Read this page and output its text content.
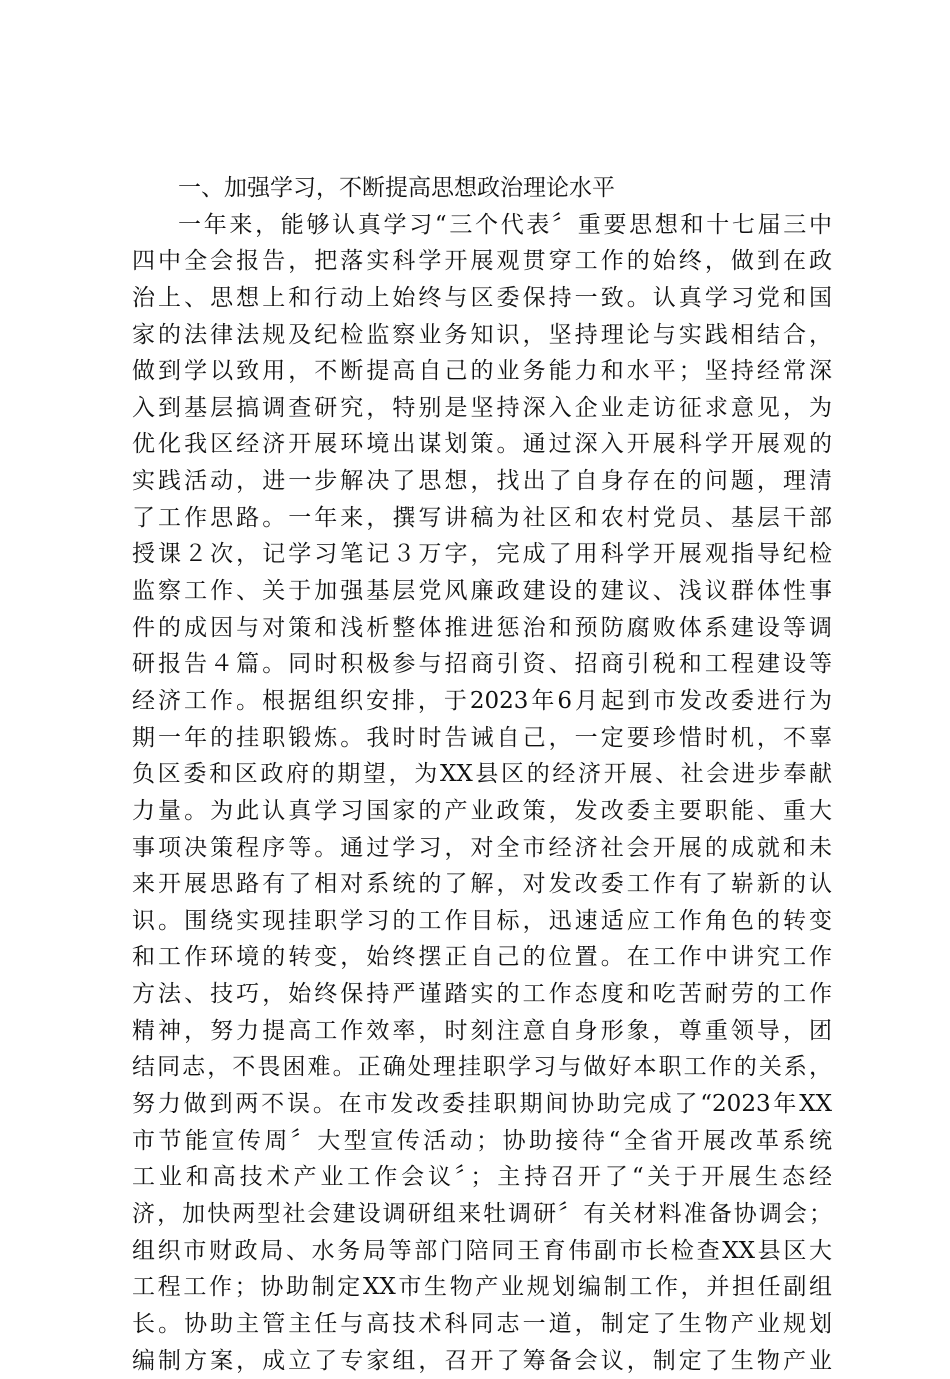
一、加强学习，不断提高思想政治理论水平
一年来，能够认真学习“三个代表〞重要思想和十七届三中
四中全会报告，把落实科学开展观贯穿工作的始终，做到在政
治上、思想上和行动上始终与区委保持一致。认真学习党和国
家的法律法规及纪检监察业务知识，坚持理论与实践相结合，
做到学以致用，不断提高自己的业务能力和水平；坚持经常深
入到基层搞调查研究，特别是坚持深入企业走访征求意见，为
优化我区经济开展环境出谋划策。通过深入开展科学开展观的
实践活动，进一步解决了思想，找出了自身存在的问题，理清
了工作思路。一年来，撰写讲稿为社区和农村党员、基层干部
授课２次，记学习笔记３万字，完成了用科学开展观指导纪检
监察工作、关于加强基层党风廉政建设的建议、浅议群体性事
件的成因与对策和浅析整体推进惩治和预防腐败体系建设等调
研报告４篇。同时积极参与招商引资、招商引税和工程建设等
经济工作。根据组织安排，于2023年6月起到市发改委进行为
期一年的挂职锻炼。我时时告诫自己，一定要珍惜时机，不辜
负区委和区政府的期望，为XX县区的经济开展、社会进步奉献
力量。为此认真学习国家的产业政策，发改委主要职能、重大
事项决策程序等。通过学习，对全市经济社会开展的成就和未
来开展思路有了相对系统的了解，对发改委工作有了崭新的认
识。围绕实现挂职学习的工作目标，迅速适应工作角色的转变
和工作环境的转变，始终摆正自己的位置。在工作中讲究工作
方法、技巧，始终保持严谨踏实的工作态度和吃苦耐劳的工作
精神，努力提高工作效率，时刻注意自身形象，尊重领导，团
结同志，不畏困难。正确处理挂职学习与做好本职工作的关系，
努力做到两不误。在市发改委挂职期间协助完成了“2023年XX
市节能宣传周〞大型宣传活动；协助接待“全省开展改革系统
工业和高技术产业工作会议〞；主持召开了“关于开展生态经
济，加快两型社会建设调研组来牡调研〞有关材料准备协调会；
组织市财政局、水务局等部门陪同王育伟副市长检查XX县区大
工程工作；协助制定XX市生物产业规划编制工作，并担任副组
长。协助主管主任与高技术科同志一道，制定了生物产业规划
编制方案，成立了专家组，召开了筹备会议，制定了生物产业
